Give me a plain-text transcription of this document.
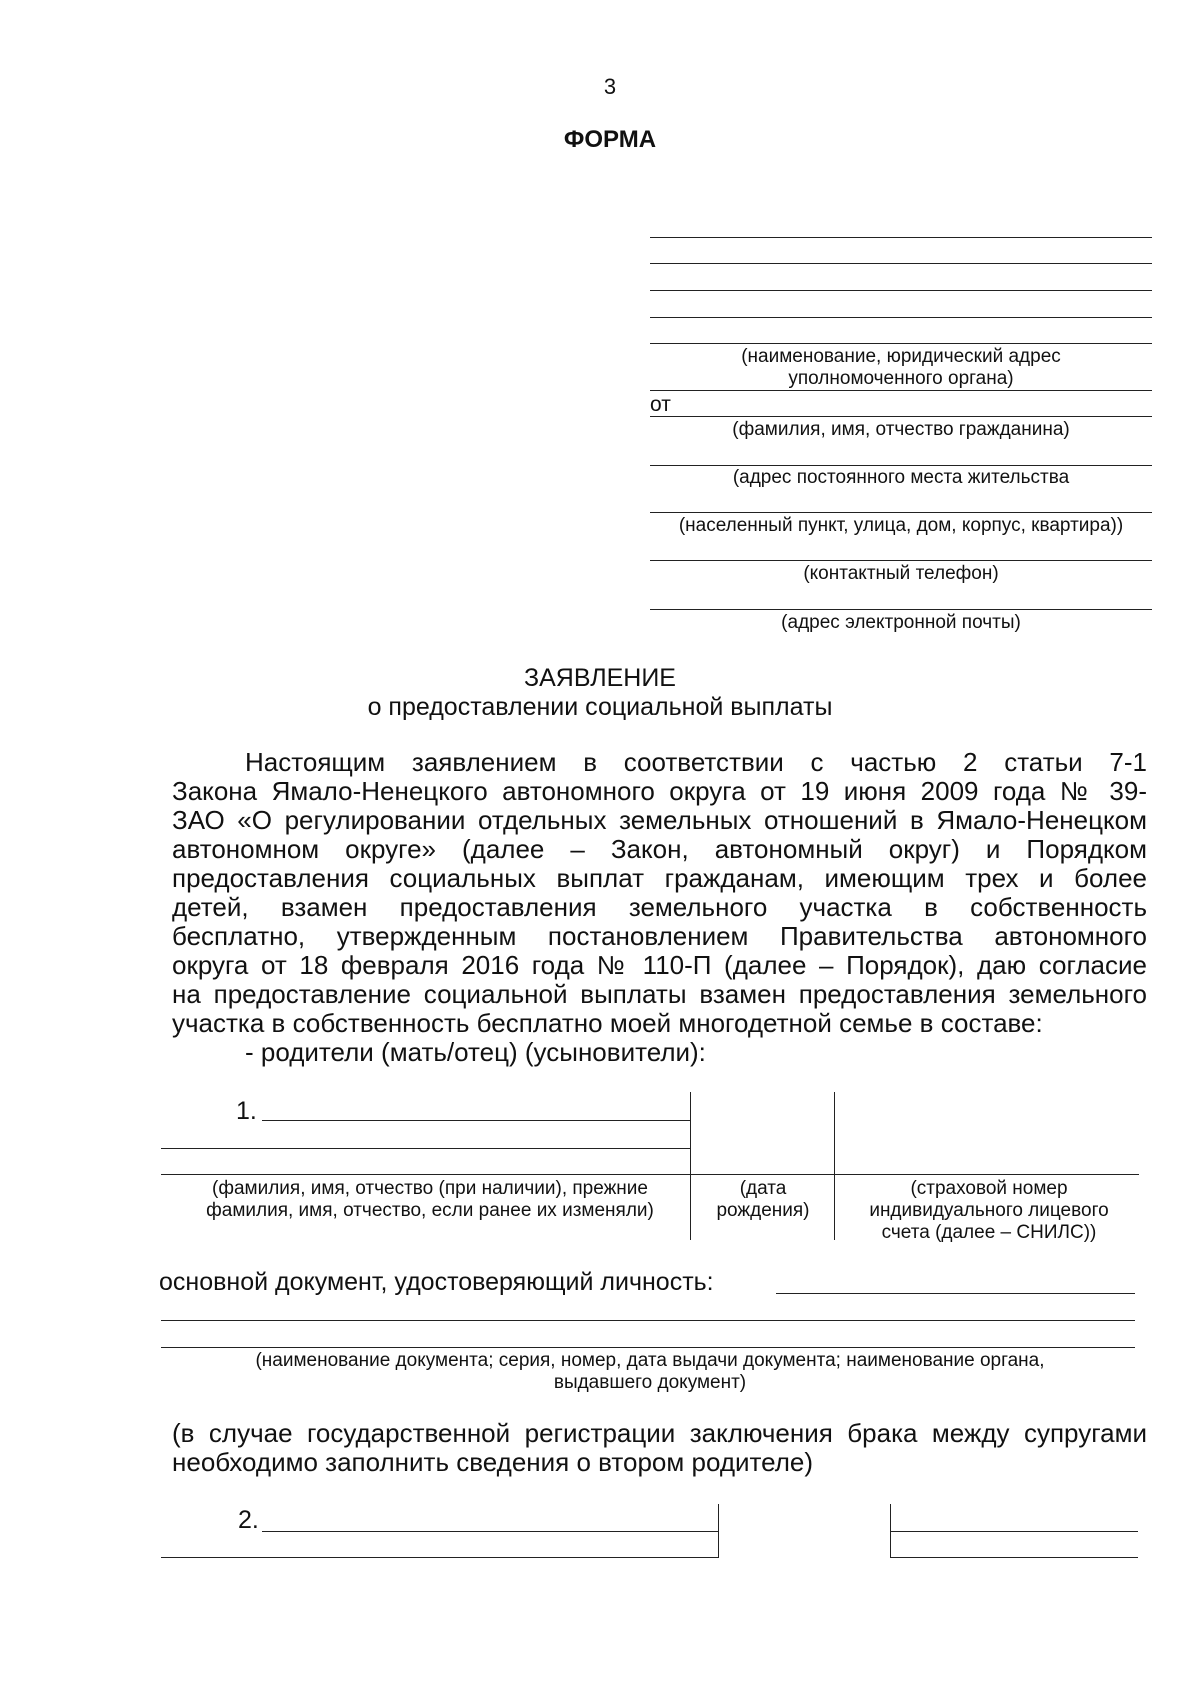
3
ФОРМА
(наименование, юридический адрес
уполномоченного органа)
от
(фамилия, имя, отчество гражданина)
(адрес постоянного места жительства
(населенный пункт, улица, дом, корпус, квартира))
(контактный телефон)
(адрес электронной почты)
ЗАЯВЛЕНИЕ
о предоставлении социальной выплаты
Настоящим заявлением в соответствии с частью 2 статьи 7-1
Закона Ямало-Ненецкого автономного округа от 19 июня 2009 года № 39-
ЗАО «О регулировании отдельных земельных отношений в Ямало-Ненецком
автономном округе» (далее – Закон, автономный округ) и Порядком
предоставления социальных выплат гражданам, имеющим трех и более
детей, взамен предоставления земельного участка в собственность
бесплатно, утвержденным постановлением Правительства автономного
округа от 18 февраля 2016 года № 110-П (далее – Порядок), даю согласие
на предоставление социальной выплаты взамен предоставления земельного
участка в собственность бесплатно моей многодетной семье в составе:
- родители (мать/отец) (усыновители):
1.
(фамилия, имя, отчество (при наличии), прежние фамилия, имя, отчество, если ранее их изменяли)
(дата рождения)
(страховой номер индивидуального лицевого счета (далее – СНИЛС))
основной документ, удостоверяющий личность:
(наименование документа; серия, номер, дата выдачи документа; наименование органа, выдавшего документ)
(в случае государственной регистрации заключения брака между супругами
необходимо заполнить сведения о втором родителе)
2.
